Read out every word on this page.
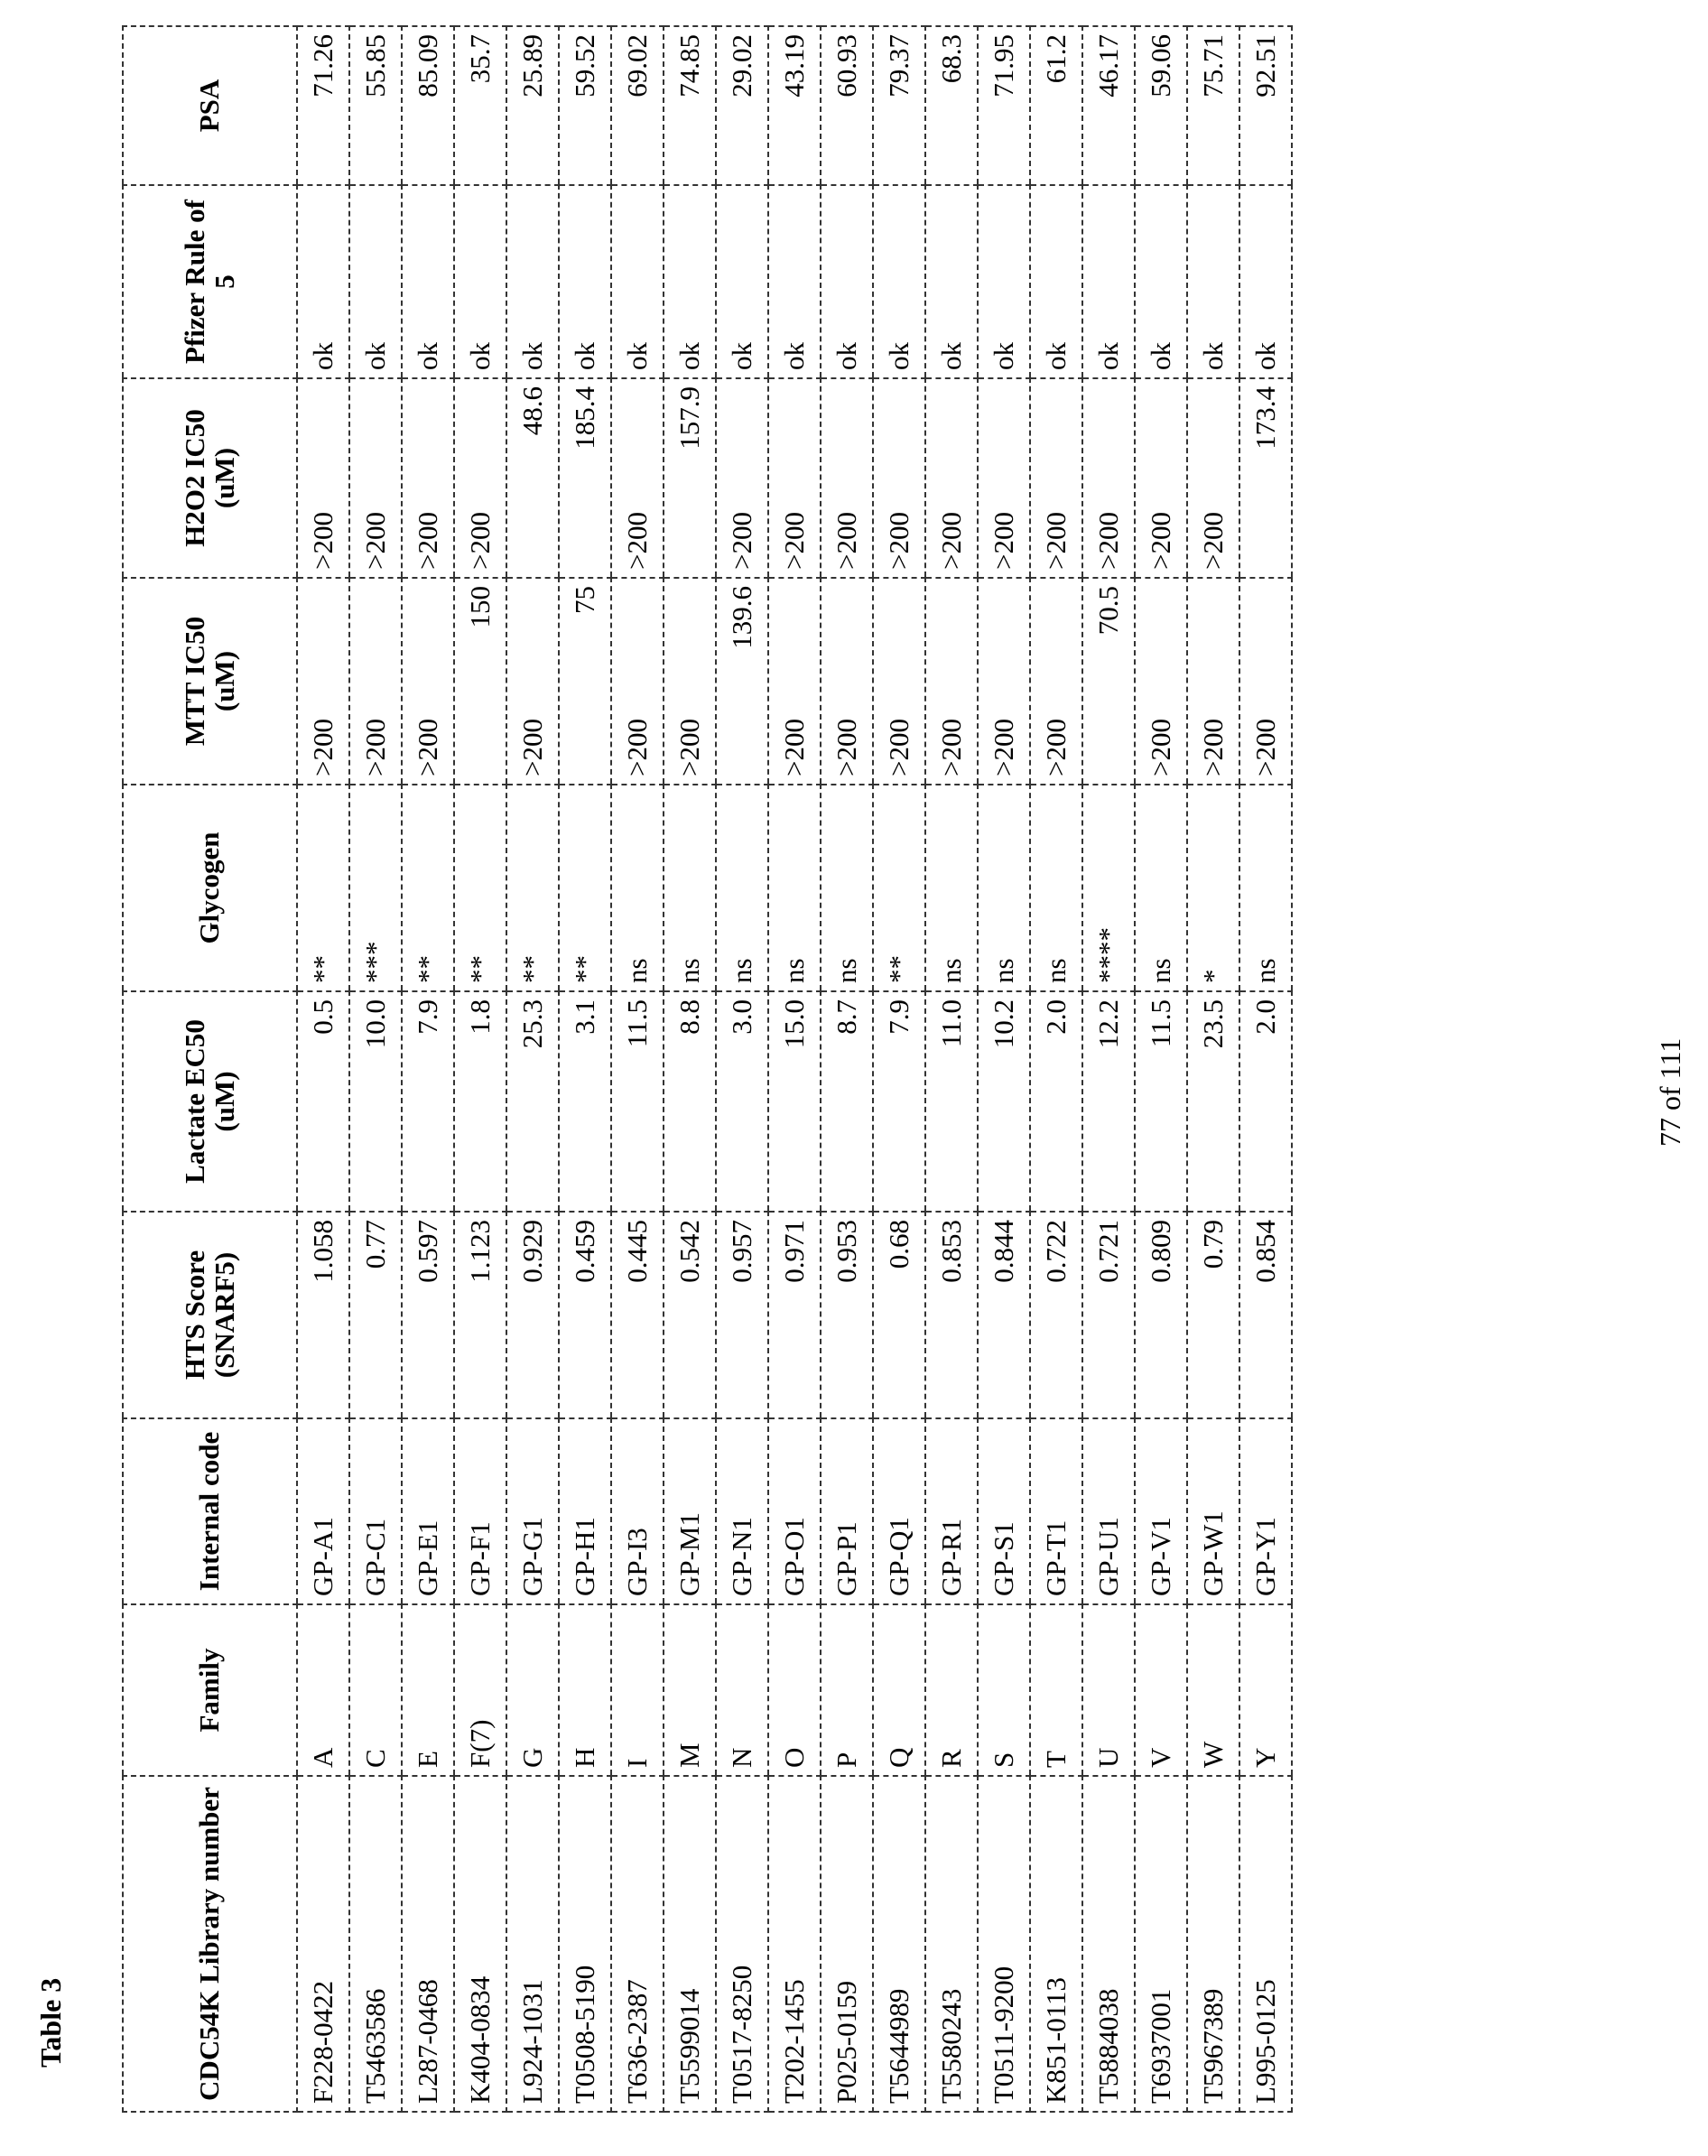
Table 3	CDC54K Library number	Family	Internal code	HTS Score (SNARF5)	Lactate EC50 (uM)	Glycogen	MTT IC50 (uM)	H2O2 IC50 (uM)	Pfizer Rule of 5	PSA
F228-0422	A	GP-A1	1.058	0.5	**	>200	>200	ok	71.26
T5463586	C	GP-C1	0.77	10.0	***	>200	>200	ok	55.85
L287-0468	E	GP-E1	0.597	7.9	**	>200	>200	ok	85.09
K404-0834	F(7)	GP-F1	1.123	1.8	**	150	>200	ok	35.7
L924-1031	G	GP-G1	0.929	25.3	**	>200	48.6	ok	25.89
T0508-5190	H	GP-H1	0.459	3.1	**	75	185.4	ok	59.52
T636-2387	I	GP-I3	0.445	11.5	ns	>200	>200	ok	69.02
T5599014	M	GP-M1	0.542	8.8	ns	>200	157.9	ok	74.85
T0517-8250	N	GP-N1	0.957	3.0	ns	139.6	>200	ok	29.02
T202-1455	O	GP-O1	0.971	15.0	ns	>200	>200	ok	43.19
P025-0159	P	GP-P1	0.953	8.7	ns	>200	>200	ok	60.93
T5644989	Q	GP-Q1	0.68	7.9	**	>200	>200	ok	79.37
T5580243	R	GP-R1	0.853	11.0	ns	>200	>200	ok	68.3
T0511-9200	S	GP-S1	0.844	10.2	ns	>200	>200	ok	71.95
K851-0113	T	GP-T1	0.722	2.0	ns	>200	>200	ok	61.2
T5884038	U	GP-U1	0.721	12.2	****	70.5	>200	ok	46.17
T6937001	V	GP-V1	0.809	11.5	ns	>200	>200	ok	59.06
T5967389	W	GP-W1	0.79	23.5	*	>200	>200	ok	75.71
L995-0125	Y	GP-Y1	0.854	2.0	ns	>200	173.4	ok	92.51
77 of 111
